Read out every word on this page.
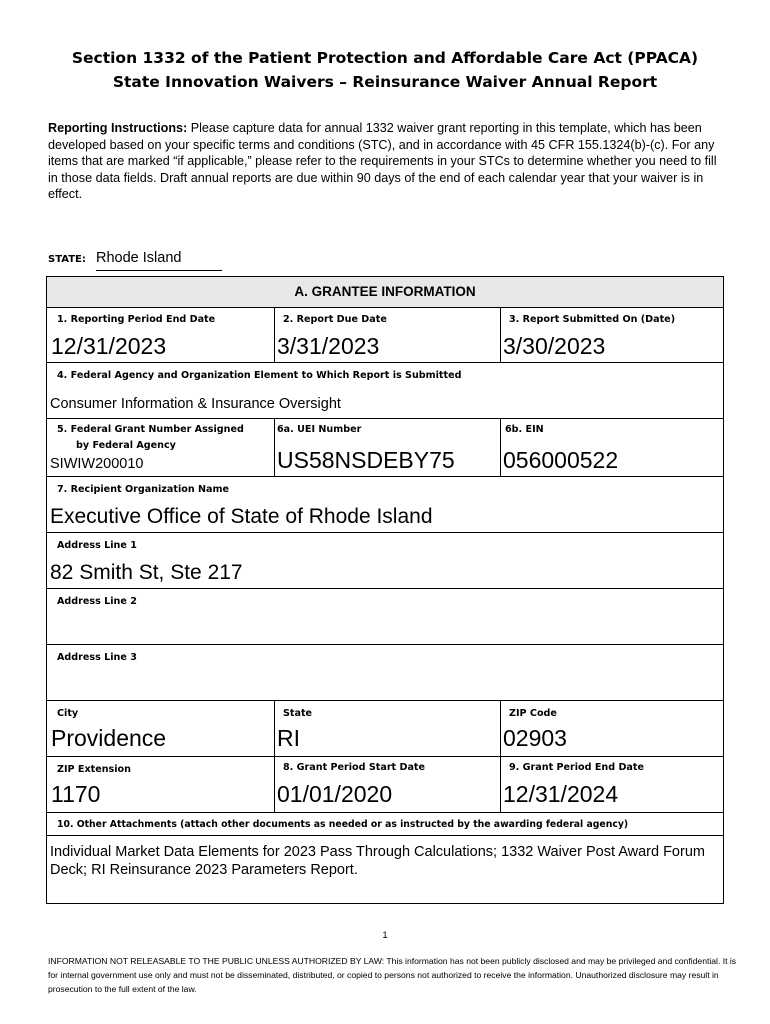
Section 1332 of the Patient Protection and Affordable Care Act (PPACA)
State Innovation Waivers – Reinsurance Waiver Annual Report
Reporting Instructions: Please capture data for annual 1332 waiver grant reporting in this template, which has been developed based on your specific terms and conditions (STC), and in accordance with 45 CFR 155.1324(b)-(c). For any items that are marked “if applicable,” please refer to the requirements in your STCs to determine whether you need to fill in those data fields. Draft annual reports are due within 90 days of the end of each calendar year that your waiver is in effect.
STATE: Rhode Island
A. GRANTEE INFORMATION
1. Reporting Period End Date
12/31/2023
2. Report Due Date
3/31/2023
3. Report Submitted On (Date)
3/30/2023
4. Federal Agency and Organization Element to Which Report is Submitted
Consumer Information & Insurance Oversight
5. Federal Grant Number Assigned
by Federal Agency
SIWIW200010
6a. UEI Number
US58NSDEBY75
6b. EIN
056000522
7. Recipient Organization Name
Executive Office of State of Rhode Island
Address Line 1
82 Smith St, Ste 217
Address Line 2
Address Line 3
City
Providence
State
RI
ZIP Code
02903
ZIP Extension
1170
8. Grant Period Start Date
01/01/2020
9. Grant Period End Date
12/31/2024
10. Other Attachments (attach other documents as needed or as instructed by the awarding federal agency)
Individual Market Data Elements for 2023 Pass Through Calculations; 1332 Waiver Post Award Forum Deck; RI Reinsurance 2023 Parameters Report.
1
INFORMATION NOT RELEASABLE TO THE PUBLIC UNLESS AUTHORIZED BY LAW: This information has not been publicly disclosed and may be privileged and confidential. It is for internal government use only and must not be disseminated, distributed, or copied to persons not authorized to receive the information. Unauthorized disclosure may result in prosecution to the full extent of the law.
